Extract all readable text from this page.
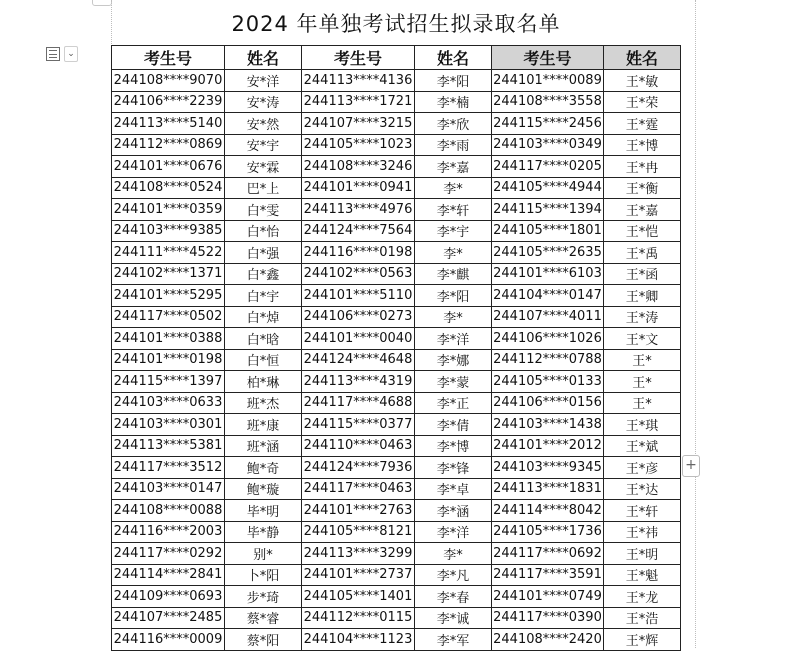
⌄
+
2024 年单独考试招生拟录取名单
考生号	姓名	考生号	姓名	考生号	姓名
244108****9070	安*洋	244113****4136	李*阳	244101****0089	王*敏
244106****2239	安*涛	244113****1721	李*楠	244108****3558	王*荣
244113****5140	安*然	244107****3215	李*欣	244115****2456	王*霆
244112****0869	安*宇	244105****1023	李*雨	244103****0349	王*博
244101****0676	安*霖	244108****3246	李*嘉	244117****0205	王*冉
244108****0524	巴*上	244101****0941	李*	244105****4944	王*衡
244101****0359	白*雯	244113****4976	李*轩	244115****1394	王*嘉
244103****9385	白*怡	244124****7564	李*宇	244105****1801	王*恺
244111****4522	白*强	244116****0198	李*	244105****2635	王*禹
244102****1371	白*鑫	244102****0563	李*麒	244101****6103	王*函
244101****5295	白*宇	244101****5110	李*阳	244104****0147	王*卿
244117****0502	白*焯	244106****0273	李*	244107****4011	王*涛
244101****0388	白*晗	244101****0040	李*洋	244106****1026	王*文
244101****0198	白*恒	244124****4648	李*娜	244112****0788	王*
244115****1397	柏*琳	244113****4319	李*蒙	244105****0133	王*
244103****0633	班*杰	244117****4688	李*正	244106****0156	王*
244103****0301	班*康	244115****0377	李*倩	244103****1438	王*琪
244113****5381	班*涵	244110****0463	李*博	244101****2012	王*斌
244117****3512	鲍*奇	244124****7936	李*锋	244103****9345	王*彦
244103****0147	鲍*璇	244117****0463	李*卓	244113****1831	王*达
244108****0088	毕*明	244101****2763	李*涵	244114****8042	王*轩
244116****2003	毕*静	244105****8121	李*洋	244105****1736	王*祎
244117****0292	别*	244113****3299	李*	244117****0692	王*明
244114****2841	卜*阳	244101****2737	李*凡	244117****3591	王*魁
244109****0693	步*琦	244105****1401	李*春	244101****0749	王*龙
244107****2485	蔡*睿	244112****0115	李*诚	244117****0390	王*浩
244116****0009	蔡*阳	244104****1123	李*军	244108****2420	王*辉
